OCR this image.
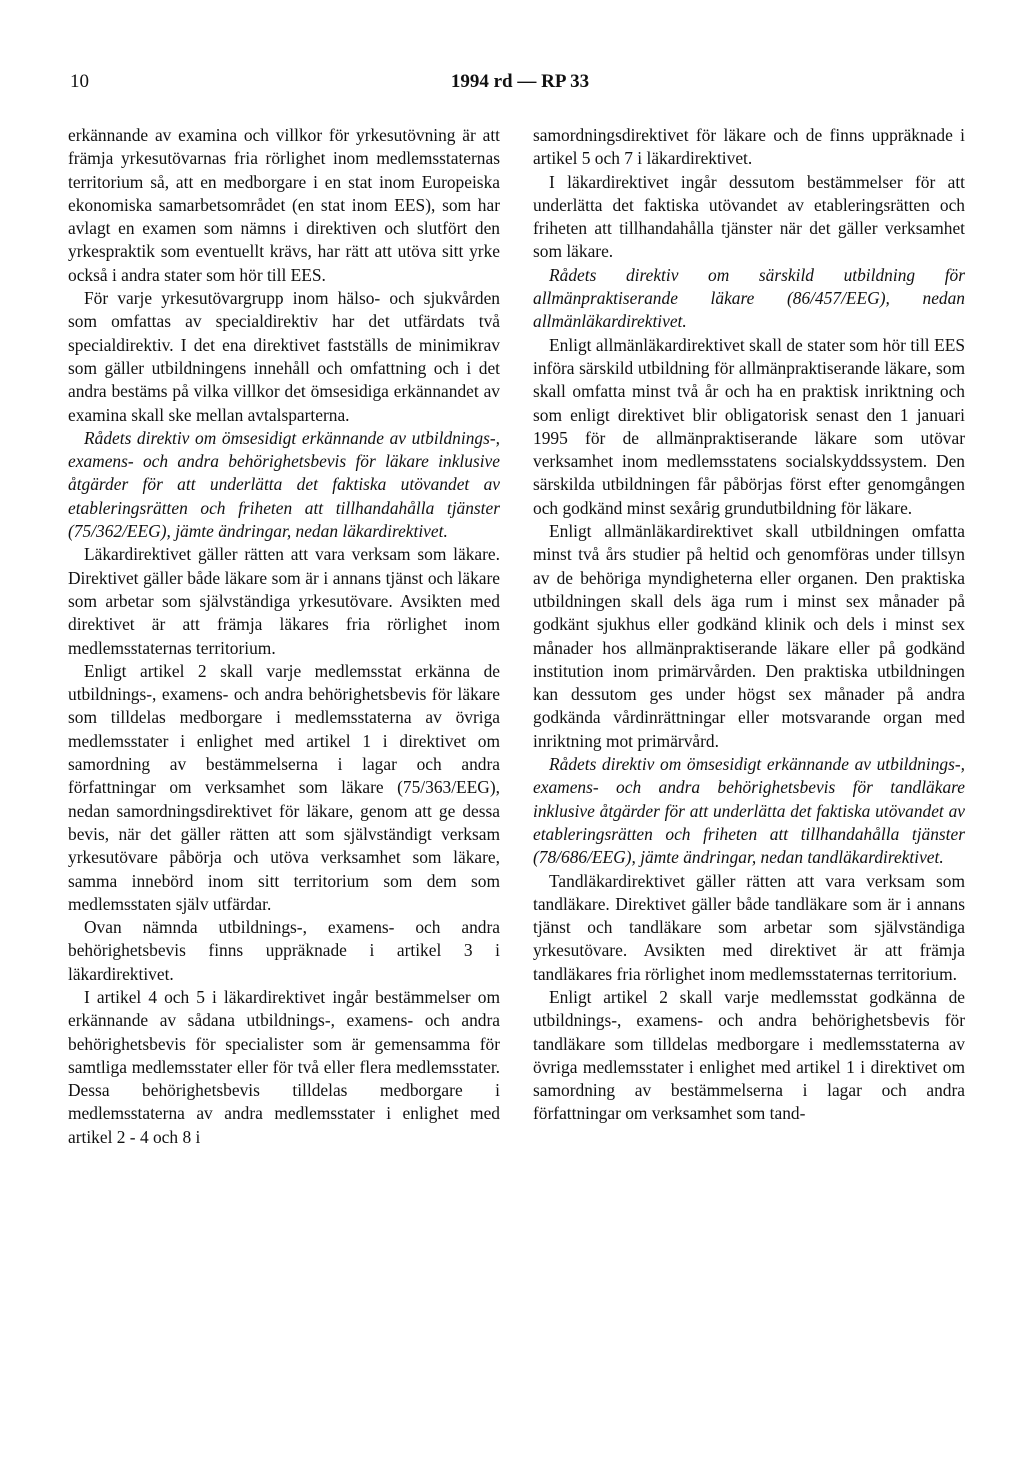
10	1994 rd — RP 33

erkännande av examina och villkor för yrkesutövning är att främja yrkesutövarnas fria rörlighet inom medlemsstaternas territorium så, att en medborgare i en stat inom Europeiska ekonomiska samarbetsområdet (en stat inom EES), som har avlagt en examen som nämns i direktiven och slutfört den yrkespraktik som eventuellt krävs, har rätt att utöva sitt yrke också i andra stater som hör till EES.

För varje yrkesutövargrupp inom hälso- och sjukvården som omfattas av specialdirektiv har det utfärdats två specialdirektiv. I det ena direktivet fastställs de minimikrav som gäller utbildningens innehåll och omfattning och i det andra bestäms på vilka villkor det ömsesidiga erkännandet av examina skall ske mellan avtalsparterna.

Rådets direktiv om ömsesidigt erkännande av utbildnings-, examens- och andra behörighetsbevis för läkare inklusive åtgärder för att underlätta det faktiska utövandet av etableringsrätten och friheten att tillhandahålla tjänster (75/362/EEG), jämte ändringar, nedan läkardirektivet.

Läkardirektivet gäller rätten att vara verksam som läkare. Direktivet gäller både läkare som är i annans tjänst och läkare som arbetar som självständiga yrkesutövare. Avsikten med direktivet är att främja läkares fria rörlighet inom medlemsstaternas territorium.

Enligt artikel 2 skall varje medlemsstat erkänna de utbildnings-, examens- och andra behörighetsbevis för läkare som tilldelas medborgare i medlemsstaterna av övriga medlemsstater i enlighet med artikel 1 i direktivet om samordning av bestämmelserna i lagar och andra författningar om verksamhet som läkare (75/363/EEG), nedan samordningsdirektivet för läkare, genom att ge dessa bevis, när det gäller rätten att som självständigt verksam yrkesutövare påbörja och utöva verksamhet som läkare, samma innebörd inom sitt territorium som dem som medlemsstaten själv utfärdar.

Ovan nämnda utbildnings-, examens- och andra behörighetsbevis finns uppräknade i artikel 3 i läkardirektivet.

I artikel 4 och 5 i läkardirektivet ingår bestämmelser om erkännande av sådana utbildnings-, examens- och andra behörighetsbevis för specialister som är gemensamma för samtliga medlemsstater eller för två eller flera medlemsstater. Dessa behörighetsbevis tilldelas medborgare i medlemsstaterna av andra medlemsstater i enlighet med artikel 2 - 4 och 8 i

samordningsdirektivet för läkare och de finns uppräknade i artikel 5 och 7 i läkardirektivet.

I läkardirektivet ingår dessutom bestämmelser för att underlätta det faktiska utövandet av etableringsrätten och friheten att tillhandahålla tjänster när det gäller verksamhet som läkare.

Rådets direktiv om särskild utbildning för allmänpraktiserande läkare (86/457/EEG), nedan allmänläkardirektivet.

Enligt allmänläkardirektivet skall de stater som hör till EES införa särskild utbildning för allmänpraktiserande läkare, som skall omfatta minst två år och ha en praktisk inriktning och som enligt direktivet blir obligatorisk senast den 1 januari 1995 för de allmänpraktiserande läkare som utövar verksamhet inom medlemsstatens socialskyddssystem. Den särskilda utbildningen får påbörjas först efter genomgången och godkänd minst sexårig grundutbildning för läkare.

Enligt allmänläkardirektivet skall utbildningen omfatta minst två års studier på heltid och genomföras under tillsyn av de behöriga myndigheterna eller organen. Den praktiska utbildningen skall dels äga rum i minst sex månader på godkänt sjukhus eller godkänd klinik och dels i minst sex månader hos allmänpraktiserande läkare eller på godkänd institution inom primärvården. Den praktiska utbildningen kan dessutom ges under högst sex månader på andra godkända vårdinrättningar eller motsvarande organ med inriktning mot primärvård.

Rådets direktiv om ömsesidigt erkännande av utbildnings-, examens- och andra behörighetsbevis för tandläkare inklusive åtgärder för att underlätta det faktiska utövandet av etableringsrätten och friheten att tillhandahålla tjänster (78/686/EEG), jämte ändringar, nedan tandläkardirektivet.

Tandläkardirektivet gäller rätten att vara verksam som tandläkare. Direktivet gäller både tandläkare som är i annans tjänst och tandläkare som arbetar som självständiga yrkesutövare. Avsikten med direktivet är att främja tandläkares fria rörlighet inom medlemsstaternas territorium.

Enligt artikel 2 skall varje medlemsstat godkänna de utbildnings-, examens- och andra behörighetsbevis för tandläkare som tilldelas medborgare i medlemsstaterna av övriga medlemsstater i enlighet med artikel 1 i direktivet om samordning av bestämmelserna i lagar och andra författningar om verksamhet som tand-
